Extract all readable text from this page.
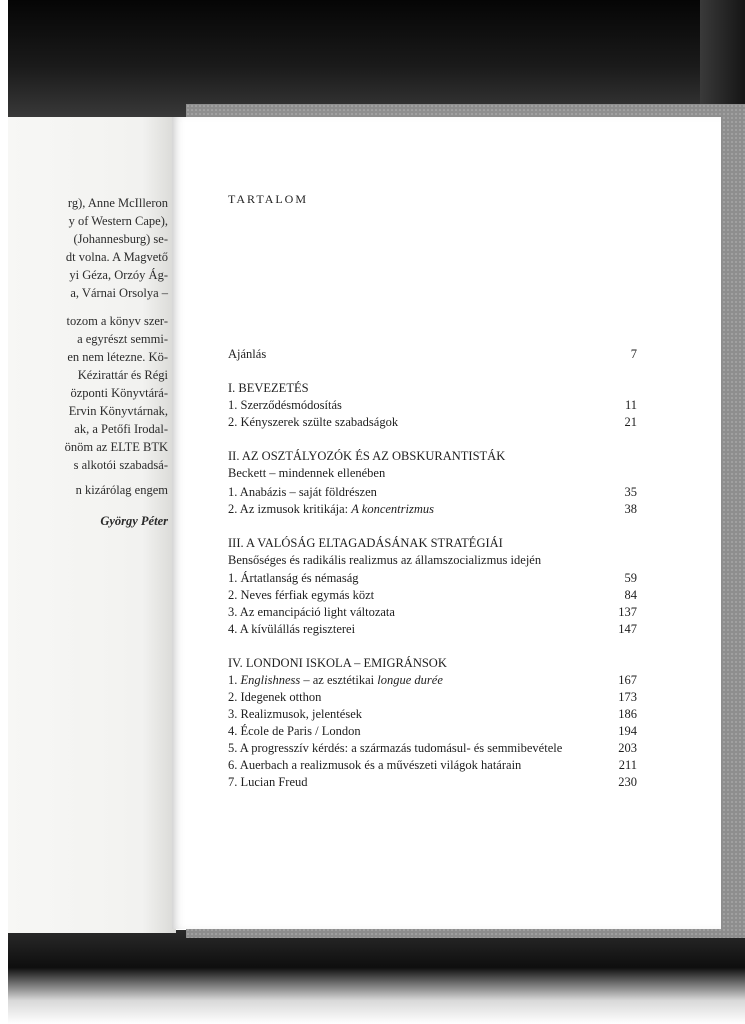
rg), Anne McIlleron
y of Western Cape),
(Johannesburg) se-
dt volna. A Magvető
yi Géza, Orzóy Ág-
a, Várnai Orsolya –
tozom a könyv szer-
a egyrészt semmi-
en nem létezne. Kö-
Kézirattár és Régi
özponti Könyvtárá-
Ervin Könyvtárnak,
ak, a Petőfi Irodal-
önöm az ELTE BTK
s alkotói szabadsá-
n kizárólag engem
György Péter
TARTALOM
Ajánlás	7
I. BEVEZETÉS
1. Szerződésmódosítás	11
2. Kényszerek szülte szabadságok	21
II. AZ OSZTÁLYOZÓK ÉS AZ OBSKURANTISTÁK
Beckett – mindennek ellenében
1. Anabázis – saját földrészen	35
2. Az izmusok kritikája: A koncentrizmus	38
III. A VALÓSÁG ELTAGADÁSÁNAK STRATÉGIÁI
Bensőséges és radikális realizmus az államszocializmus idején
1. Ártatlanság és némaság	59
2. Neves férfiak egymás közt	84
3. Az emancipáció light változata	137
4. A kívülállás regiszterei	147
IV. LONDONI ISKOLA – EMIGRÁNSOK
1. Englishness – az esztétikai longue durée	167
2. Idegenek otthon	173
3. Realizmusok, jelentések	186
4. École de Paris / London	194
5. A progresszív kérdés: a származás tudomásul- és semmibevétele	203
6. Auerbach a realizmusok és a művészeti világok határain	211
7. Lucian Freud	230
